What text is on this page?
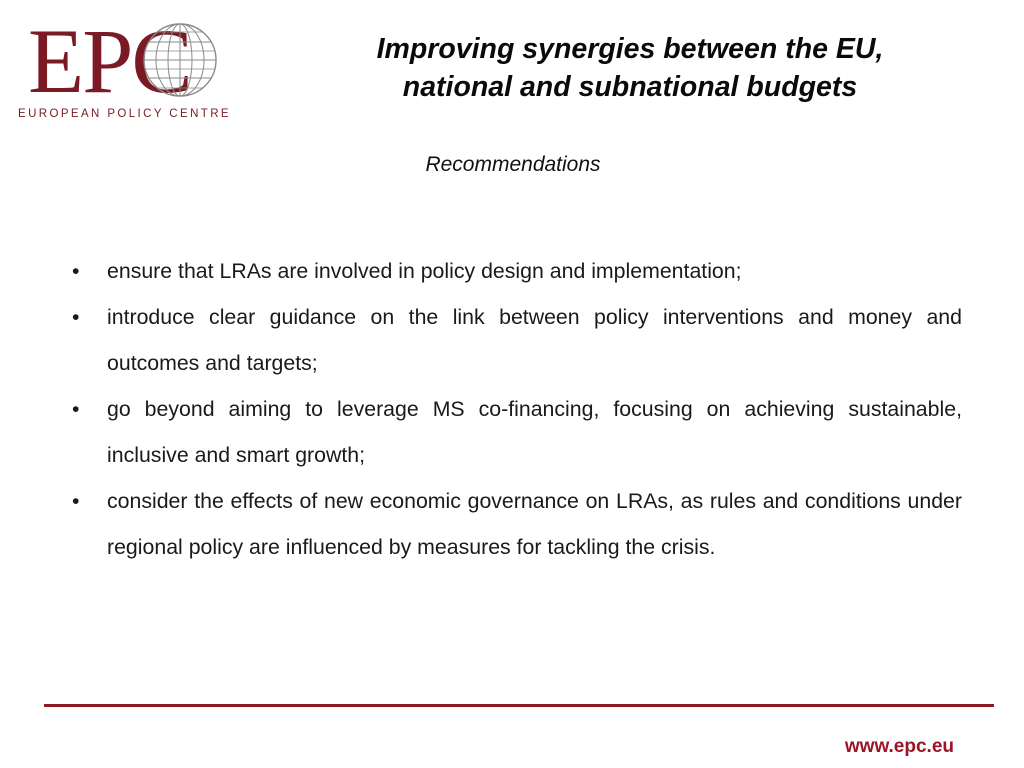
EPC
EUROPEAN POLICY CENTRE
Improving synergies between the EU,
national and subnational budgets
Recommendations
• ensure that LRAs are involved in policy design and implementation;
• introduce clear guidance on the link between policy interventions and money and outcomes and targets;
• go beyond aiming to leverage MS co-financing, focusing on achieving sustainable, inclusive and smart growth;
• consider the effects of new economic governance on LRAs, as rules and conditions under regional policy are influenced by measures for tackling the crisis.
www.epc.eu
